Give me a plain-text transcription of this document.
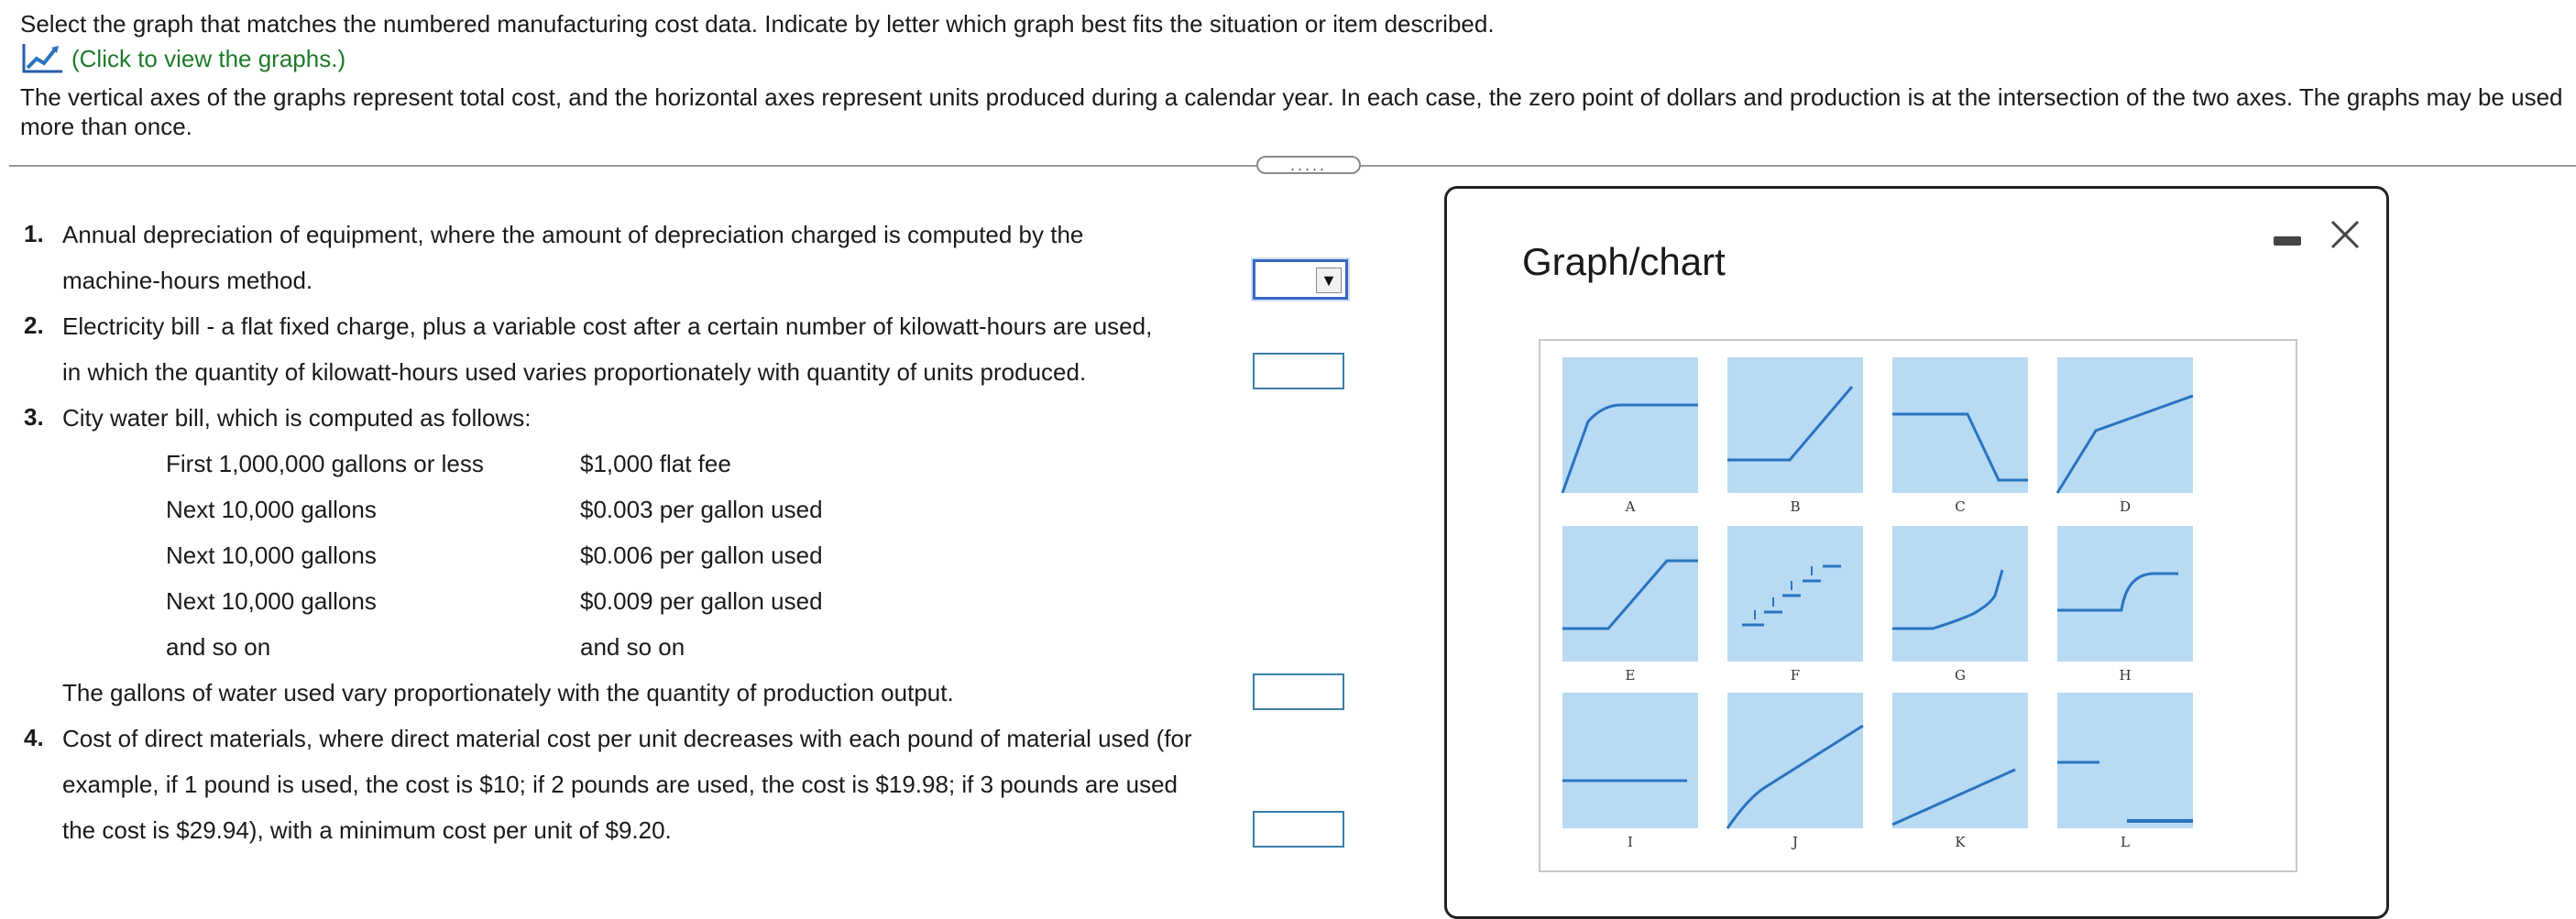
Select the graph that matches the numbered manufacturing cost data. Indicate by letter which graph best fits the situation or item described.
(Click to view the graphs.)
The vertical axes of the graphs represent total cost, and the horizontal axes represent units produced during a calendar year. In each case, the zero point of dollars and production is at the intersection of the two axes. The graphs may be used more than once.
.....
1. Annual depreciation of equipment, where the amount of depreciation charged is computed by the
machine-hours method.	▼
2. Electricity bill - a flat fixed charge, plus a variable cost after a certain number of kilowatt-hours are used,
in which the quantity of kilowatt-hours used varies proportionately with quantity of units produced.
3. City water bill, which is computed as follows:
First 1,000,000 gallons or less	$1,000 flat fee
Next 10,000 gallons	$0.003 per gallon used
Next 10,000 gallons	$0.006 per gallon used
Next 10,000 gallons	$0.009 per gallon used
and so on	and so on
The gallons of water used vary proportionately with the quantity of production output.
4. Cost of direct materials, where direct material cost per unit decreases with each pound of material used (for
example, if 1 pound is used, the cost is $10; if 2 pounds are used, the cost is $19.98; if 3 pounds are used
the cost is $29.94), with a minimum cost per unit of $9.20.
Graph/chart
A	B	C	D
E	F	G	H
I	J	K	L
